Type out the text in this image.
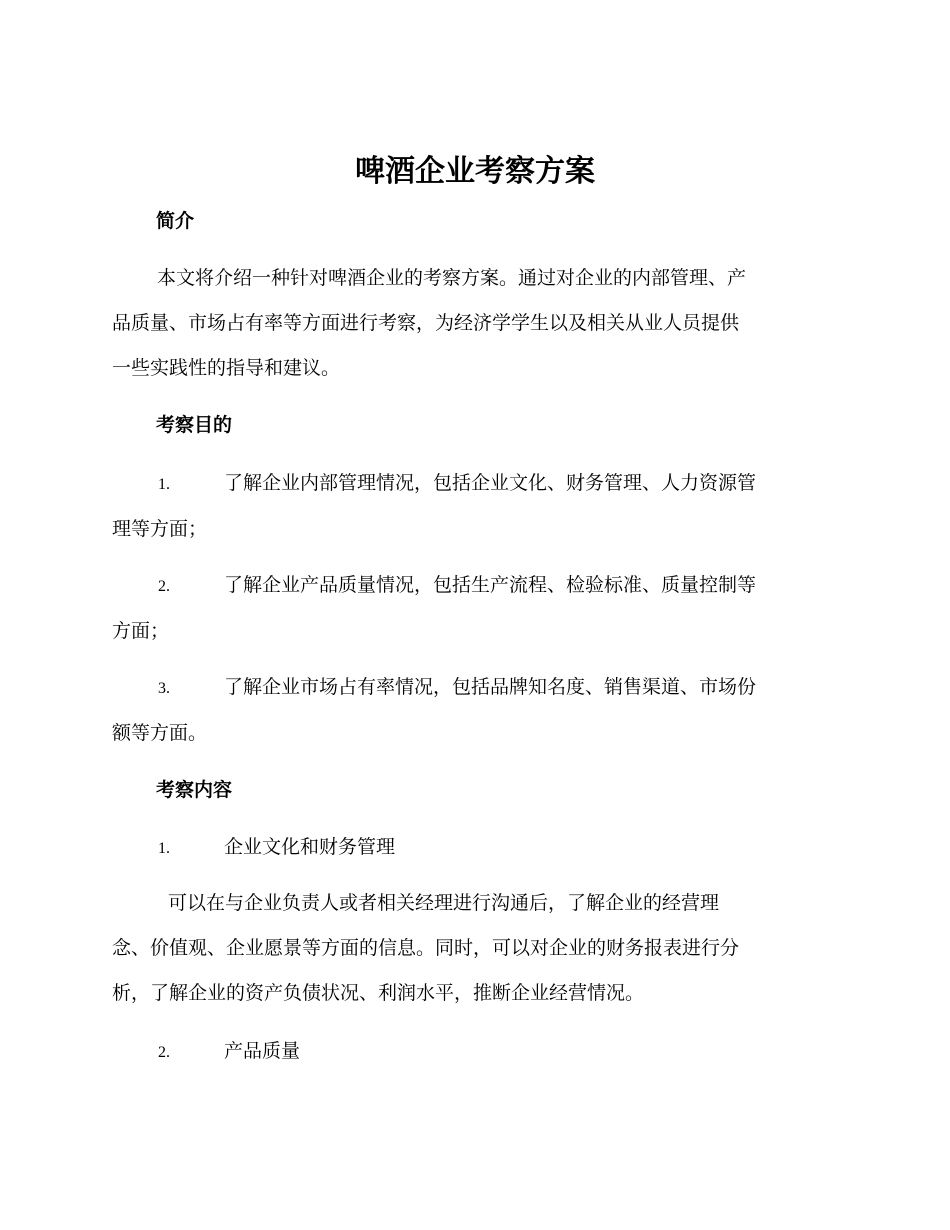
啤酒企业考察方案
简介

本文将介绍一种针对啤酒企业的考察方案。通过对企业的内部管理、产
品质量、市场占有率等方面进行考察，为经济学学生以及相关从业人员提供
一些实践性的指导和建议。

考察目的
1.	了解企业内部管理情况，包括企业文化、财务管理、人力资源管
理等方面；
2.	了解企业产品质量情况，包括生产流程、检验标准、质量控制等
方面；
3.	了解企业市场占有率情况，包括品牌知名度、销售渠道、市场份
额等方面。
考察内容
1.	企业文化和财务管理

可以在与企业负责人或者相关经理进行沟通后，了解企业的经营理
念、价值观、企业愿景等方面的信息。同时，可以对企业的财务报表进行分
析，了解企业的资产负债状况、利润水平，推断企业经营情况。

2.	产品质量
